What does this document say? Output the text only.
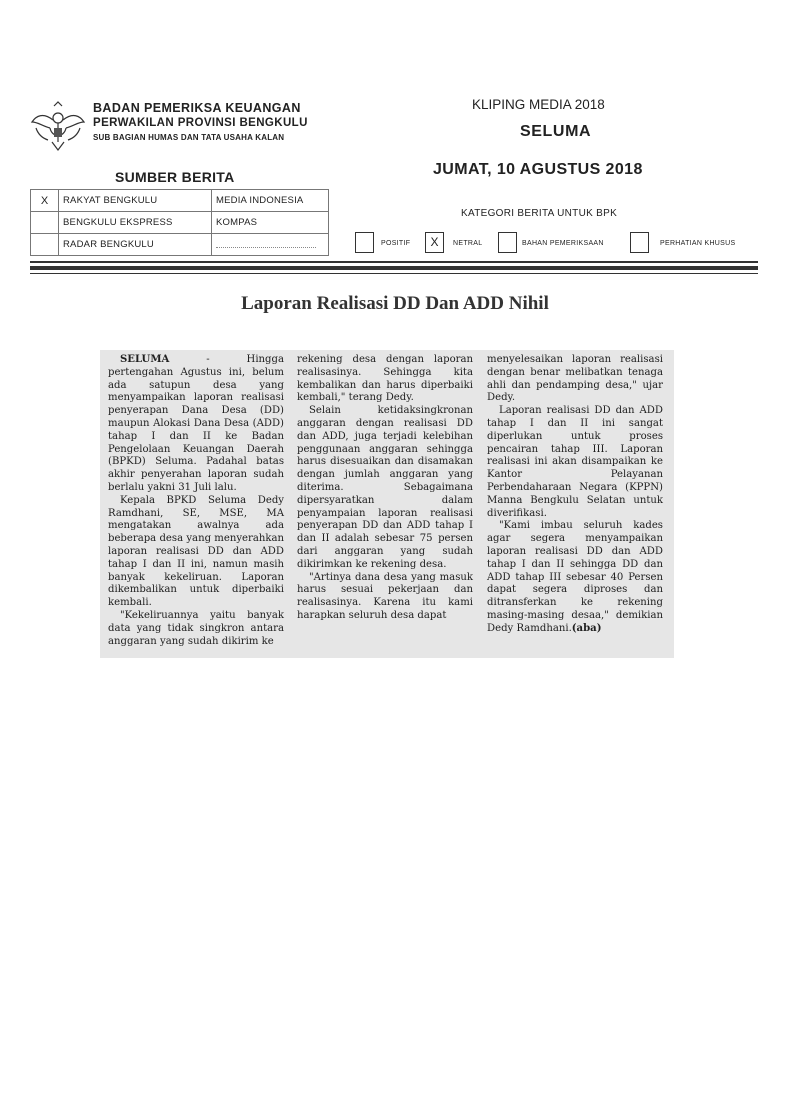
BADAN PEMERIKSA KEUANGAN
PERWAKILAN PROVINSI BENGKULU
SUB BAGIAN HUMAS DAN TATA USAHA KALAN
KLIPING MEDIA 2018
SELUMA
JUMAT, 10 AGUSTUS 2018
SUMBER BERITA
X	RAKYAT BENGKULU	MEDIA INDONESIA
	BENGKULU EKSPRESS	KOMPAS
	RADAR BENGKULU	
KATEGORI BERITA UNTUK BPK
POSITIF	X	NETRAL	BAHAN PEMERIKSAAN	PERHATIAN KHUSUS
Laporan Realisasi DD Dan ADD Nihil

SELUMA - Hingga pertengahan Agustus ini, belum ada satupun desa yang menyampaikan laporan realisasi penyerapan Dana Desa (DD) maupun Alokasi Dana Desa (ADD) tahap I dan II ke Badan Pengelolaan Keuangan Daerah (BPKD) Seluma. Padahal batas akhir penyerahan laporan sudah berlalu yakni 31 Juli lalu.

Kepala BPKD Seluma Dedy Ramdhani, SE, MSE, MA mengatakan awalnya ada beberapa desa yang menyerahkan laporan realisasi DD dan ADD tahap I dan II ini, namun masih banyak kekeliruan. Laporan dikembalikan untuk diperbaiki kembali.

"Kekeliruannya yaitu banyak data yang tidak singkron antara anggaran yang sudah dikirim ke

rekening desa dengan laporan realisasinya. Sehingga kita kembalikan dan harus diperbaiki kembali," terang Dedy.

Selain ketidaksingkronan anggaran dengan realisasi DD dan ADD, juga terjadi kelebihan penggunaan anggaran sehingga harus disesuaikan dan disamakan dengan jumlah anggaran yang diterima. Sebagaimana dipersyaratkan dalam penyampaian laporan realisasi penyerapan DD dan ADD tahap I dan II adalah sebesar 75 persen dari anggaran yang sudah dikirimkan ke rekening desa.

"Artinya dana desa yang masuk harus sesuai pekerjaan dan realisasinya. Karena itu kami harapkan seluruh desa dapat

menyelesaikan laporan realisasi dengan benar melibatkan tenaga ahli dan pendamping desa," ujar Dedy.

Laporan realisasi DD dan ADD tahap I dan II ini sangat diperlukan untuk proses pencairan tahap III. Laporan realisasi ini akan disampaikan ke Kantor Pelayanan Perbendaharaan Negara (KPPN) Manna Bengkulu Selatan untuk diverifikasi.

"Kami imbau seluruh kades agar segera menyampaikan laporan realisasi DD dan ADD tahap I dan II sehingga DD dan ADD tahap III sebesar 40 Persen dapat segera diproses dan ditransferkan ke rekening masing-masing desaa," demikian Dedy Ramdhani.(aba)
